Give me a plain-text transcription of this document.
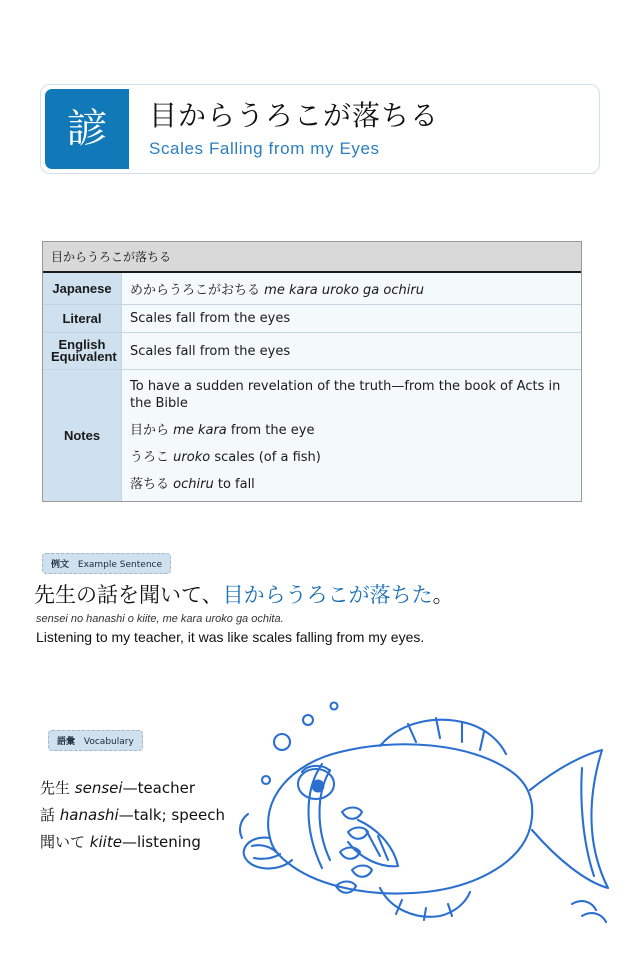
諺	目からうろこが落ちる
Scales Falling from my Eyes
目からうろこが落ちる
Japanese	めからうろこがおちる me kara uroko ga ochiru
Literal	Scales fall from the eyes

English
Equivalent	Scales fall from the eyes
Notes	To have a sudden revelation of the truth—from the book of Acts in the Bible

目から me kara from the eye

うろこ uroko scales (of a fish)

落ちる ochiru to fall

例文 Example Sentence
先生の話を聞いて、目からうろこが落ちた。
sensei no hanashi o kiite, me kara uroko ga ochita.
Listening to my teacher, it was like scales falling from my eyes.
語彙 Vocabulary
先生 sensei—teacher
話 hanashi—talk; speech
聞いて kiite—listening
